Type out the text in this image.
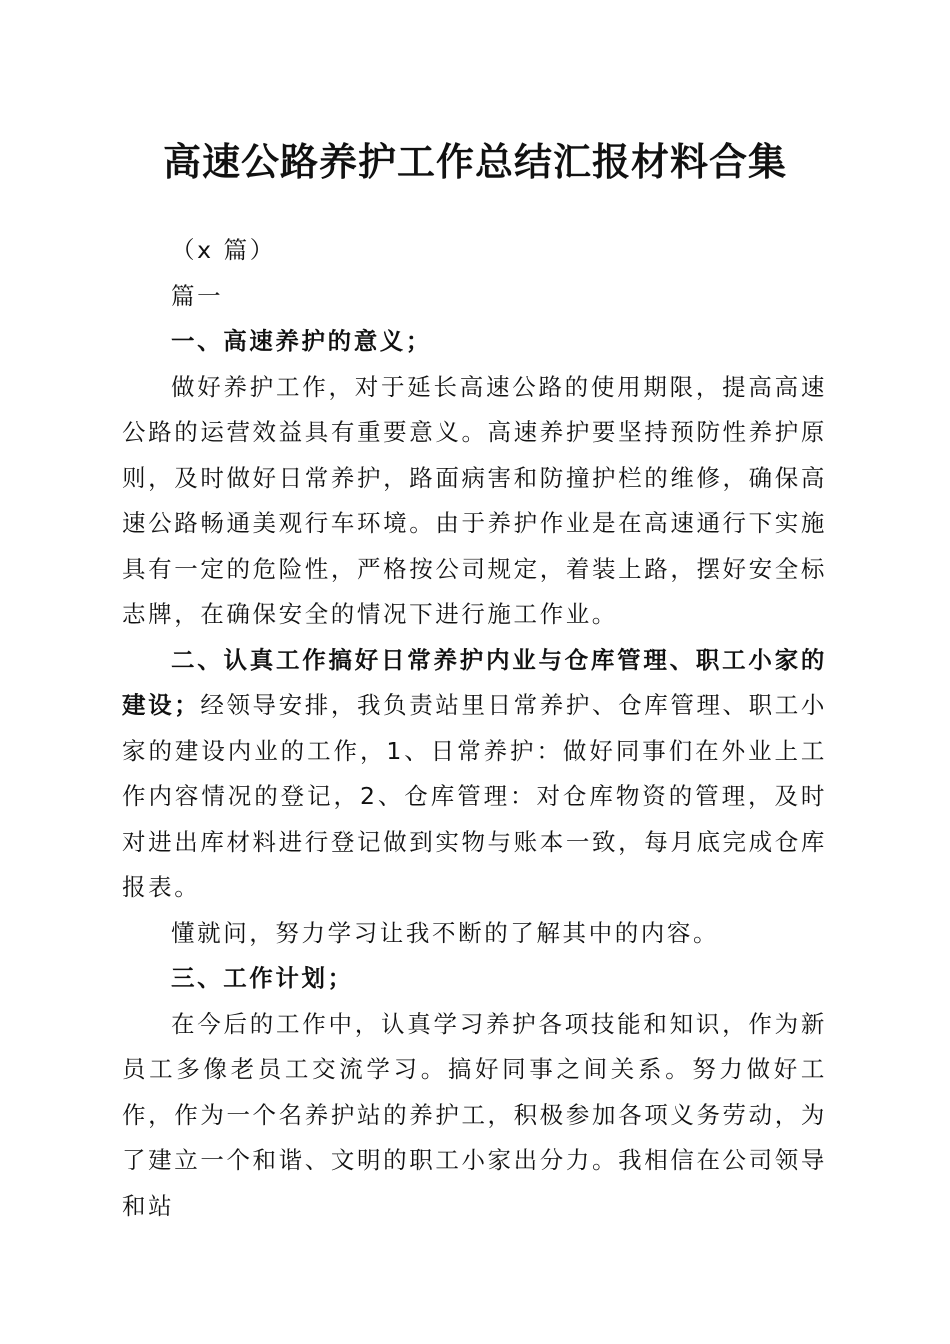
高速公路养护工作总结汇报材料合集

（x 篇）

篇一

一、高速养护的意义；

做好养护工作，对于延长高速公路的使用期限，提高高速公路的运营效益具有重要意义。高速养护要坚持预防性养护原则，及时做好日常养护，路面病害和防撞护栏的维修，确保高速公路畅通美观行车环境。由于养护作业是在高速通行下实施具有一定的危险性，严格按公司规定，着装上路，摆好安全标志牌，在确保安全的情况下进行施工作业。

二、认真工作搞好日常养护内业与仓库管理、职工小家的建设；经领导安排，我负责站里日常养护、仓库管理、职工小家的建设内业的工作，1、日常养护：做好同事们在外业上工作内容情况的登记，2、仓库管理：对仓库物资的管理，及时对进出库材料进行登记做到实物与账本一致，每月底完成仓库报表。

懂就问，努力学习让我不断的了解其中的内容。

三、工作计划；

在今后的工作中，认真学习养护各项技能和知识，作为新员工多像老员工交流学习。搞好同事之间关系。努力做好工作，作为一个名养护站的养护工，积极参加各项义务劳动，为了建立一个和谐、文明的职工小家出分力。我相信在公司领导和站
